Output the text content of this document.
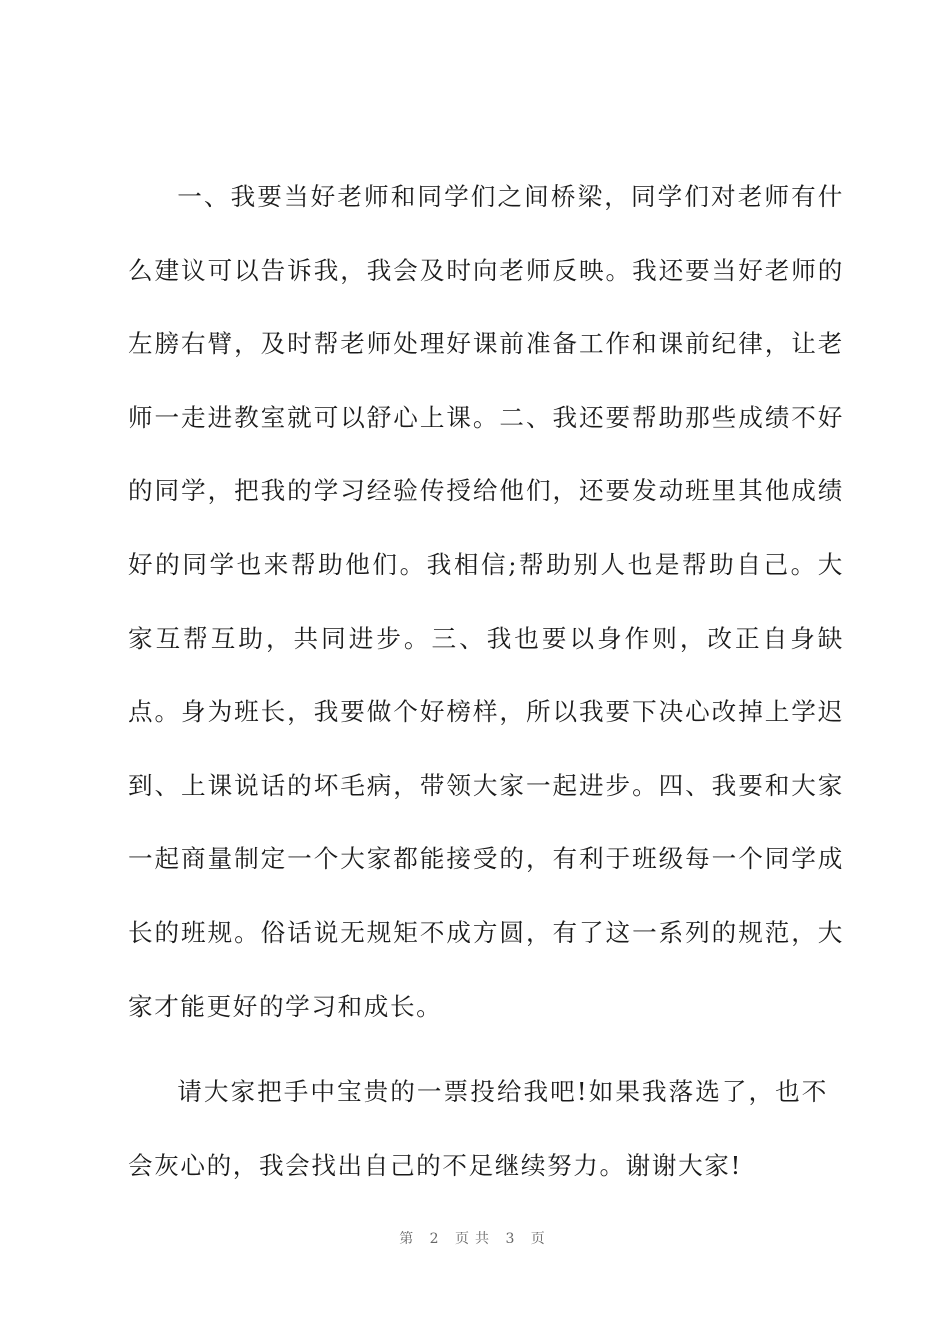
一、我要当好老师和同学们之间桥梁，同学们对老师有什么建议可以告诉我，我会及时向老师反映。我还要当好老师的左膀右臂，及时帮老师处理好课前准备工作和课前纪律，让老师一走进教室就可以舒心上课。二、我还要帮助那些成绩不好的同学，把我的学习经验传授给他们，还要发动班里其他成绩好的同学也来帮助他们。我相信;帮助别人也是帮助自己。大家互帮互助，共同进步。三、我也要以身作则，改正自身缺点。身为班长，我要做个好榜样，所以我要下决心改掉上学迟到、上课说话的坏毛病，带领大家一起进步。四、我要和大家一起商量制定一个大家都能接受的，有利于班级每一个同学成长的班规。俗话说无规矩不成方圆，有了这一系列的规范，大家才能更好的学习和成长。

请大家把手中宝贵的一票投给我吧!如果我落选了，也不会灰心的，我会找出自己的不足继续努力。谢谢大家!

第 2 页共 3 页
